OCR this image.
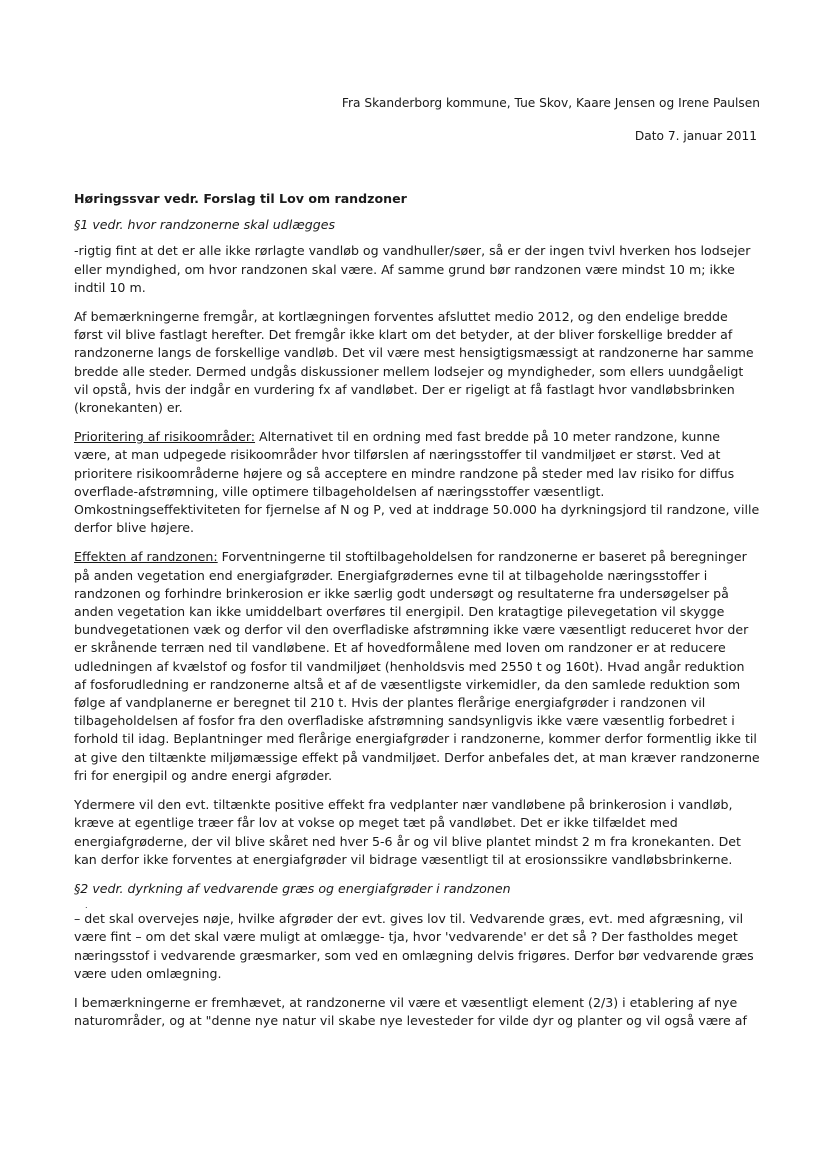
Fra Skanderborg kommune, Tue Skov, Kaare Jensen og Irene Paulsen
Dato 7. januar 2011
Høringssvar vedr. Forslag til Lov om randzoner
§1 vedr. hvor randzonerne skal udlægges

-rigtig fint at det er alle ikke rørlagte vandløb og vandhuller/søer, så er der ingen tvivl hverken hos lodsejer eller myndighed, om hvor randzonen skal være. Af samme grund bør randzonen være mindst 10 m; ikke indtil 10 m.

Af bemærkningerne fremgår, at kortlægningen forventes afsluttet medio 2012, og den endelige bredde først vil blive fastlagt herefter. Det fremgår ikke klart om det betyder, at der bliver forskellige bredder af randzonerne langs de forskellige vandløb. Det vil være mest hensigtigsmæssigt at randzonerne har samme bredde alle steder. Dermed undgås diskussioner mellem lodsejer og myndigheder, som ellers uundgåeligt vil opstå, hvis der indgår en vurdering fx af vandløbet. Der er rigeligt at få fastlagt hvor vandløbsbrinken (kronekanten) er.

Prioritering af risikoområder: Alternativet til en ordning med fast bredde på 10 meter randzone, kunne være, at man udpegede risikoområder hvor tilførslen af næringsstoffer til vandmiljøet er størst. Ved at prioritere risikoområderne højere og så acceptere en mindre randzone på steder med lav risiko for diffus overflade-afstrømning, ville optimere tilbageholdelsen af næringsstoffer væsentligt. Omkostningseffektiviteten for fjernelse af N og P, ved at inddrage 50.000 ha dyrkningsjord til randzone, ville derfor blive højere.

Effekten af randzonen: Forventningerne til stoftilbageholdelsen for randzonerne er baseret på beregninger på anden vegetation end energiafgrøder. Energiafgrødernes evne til at tilbageholde næringsstoffer i randzonen og forhindre brinkerosion er ikke særlig godt undersøgt og resultaterne fra undersøgelser på anden vegetation kan ikke umiddelbart overføres til energipil. Den kratagtige pilevegetation vil skygge bundvegetationen væk og derfor vil den overfladiske afstrømning ikke være væsentligt reduceret hvor der er skrånende terræn ned til vandløbene. Et af hovedformålene med loven om randzoner er at reducere udledningen af kvælstof og fosfor til vandmiljøet (henholdsvis med 2550 t og 160t). Hvad angår reduktion af fosforudledning er randzonerne altså et af de væsentligste virkemidler, da den samlede reduktion som følge af vandplanerne er beregnet til 210 t. Hvis der plantes flerårige energiafgrøder i randzonen vil tilbageholdelsen af fosfor fra den overfladiske afstrømning sandsynligvis ikke være væsentlig forbedret i forhold til idag. Beplantninger med flerårige energiafgrøder i randzonerne, kommer derfor formentlig ikke til at give den tiltænkte miljømæssige effekt på vandmiljøet. Derfor anbefales det, at man kræver randzonerne fri for energipil og andre energi afgrøder.

Ydermere vil den evt. tiltænkte positive effekt fra vedplanter nær vandløbene på brinkerosion i vandløb, kræve at egentlige træer får lov at vokse op meget tæt på vandløbet. Det er ikke tilfældet med energiafgrøderne, der vil blive skåret ned hver 5-6 år og vil blive plantet mindst 2 m fra kronekanten. Det kan derfor ikke forventes at energiafgrøder vil bidrage væsentligt til at erosionssikre vandløbsbrinkerne.

§2 vedr. dyrkning af vedvarende græs og energiafgrøder i randzonen
.

– det skal overvejes nøje, hvilke afgrøder der evt. gives lov til. Vedvarende græs, evt. med afgræsning, vil være fint – om det skal være muligt at omlægge- tja, hvor 'vedvarende' er det så ? Der fastholdes meget næringsstof i vedvarende græsmarker, som ved en omlægning delvis frigøres. Derfor bør vedvarende græs være uden omlægning.

I bemærkningerne er fremhævet, at randzonerne vil være et væsentligt element (2/3) i etablering af nye naturområder, og at "denne nye natur vil skabe nye levesteder for vilde dyr og planter og vil også være af
